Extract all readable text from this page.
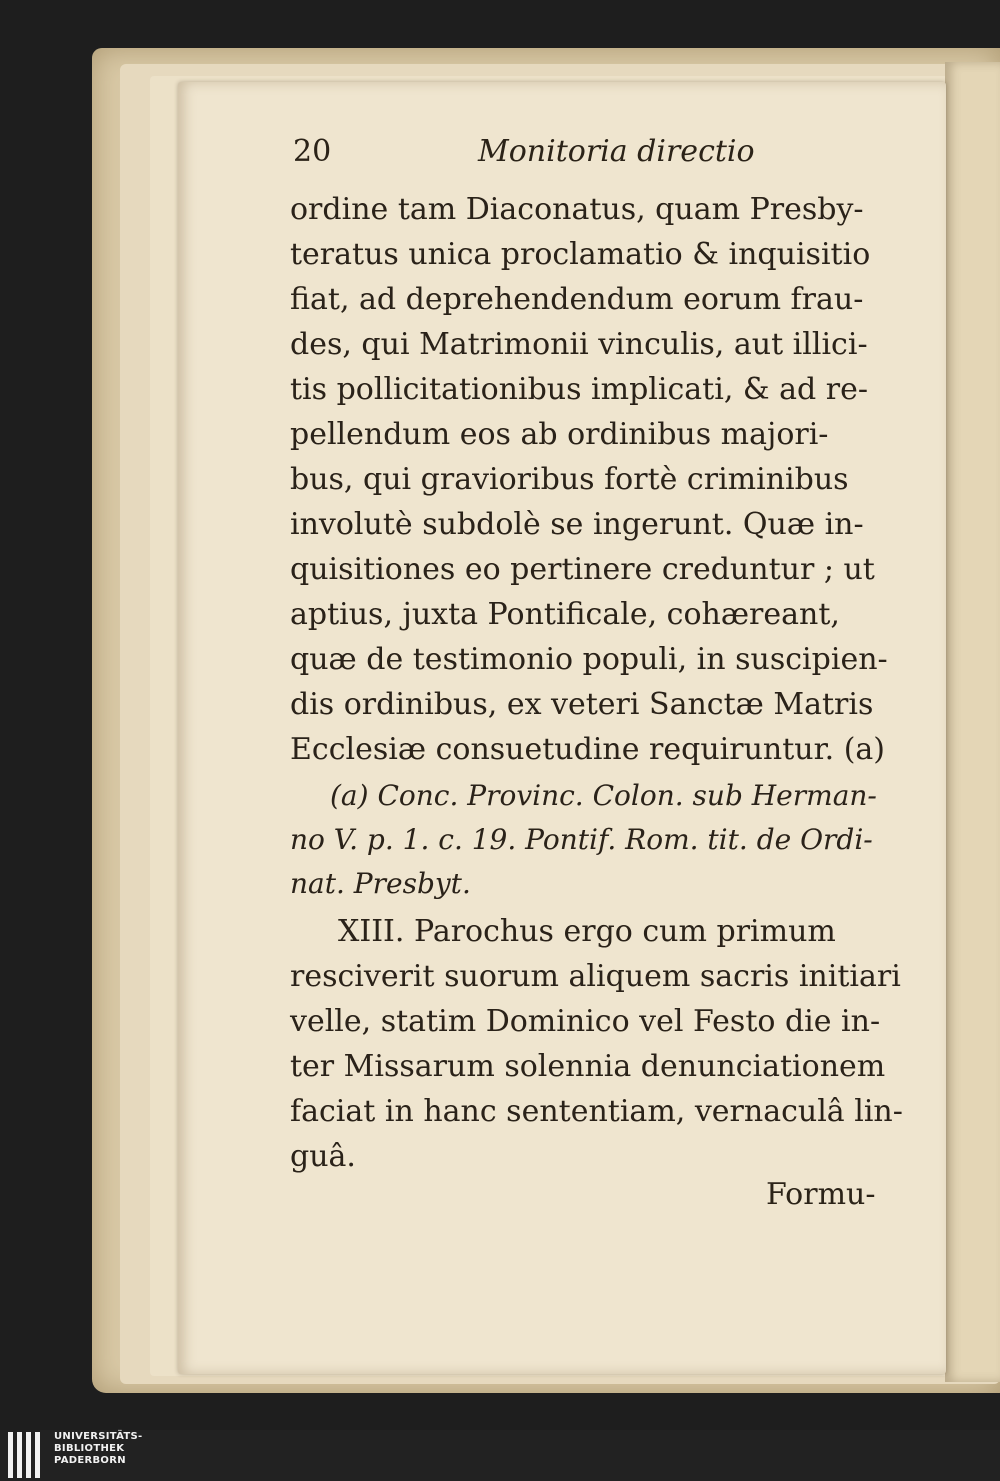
20	Monitoria directio
ordine tam Diaconatus, quam Presby-
teratus unica proclamatio & inquisitio
fiat, ad deprehendendum eorum frau-
des, qui Matrimonii vinculis, aut illici-
tis pollicitationibus implicati, & ad re-
pellendum eos ab ordinibus majori-
bus, qui gravioribus fortè criminibus
involutè subdolè se ingerunt. Quæ in-
quisitiones eo pertinere creduntur ; ut
aptius, juxta Pontificale, cohæreant,
quæ de testimonio populi, in suscipien-
dis ordinibus, ex veteri Sanctæ Matris
Ecclesiæ consuetudine requiruntur. (a)
(a) Conc. Provinc. Colon. sub Herman-
no V. p. 1. c. 19. Pontif. Rom. tit. de Ordi-
nat. Presbyt.
XIII. Parochus ergo cum primum
resciverit suorum aliquem sacris initiari
velle, statim Dominico vel Festo die in-
ter Missarum solennia denunciationem
faciat in hanc sententiam, vernaculâ lin-
guâ.
Formu-
UNIVERSITÄTS-
BIBLIOTHEK
PADERBORN
